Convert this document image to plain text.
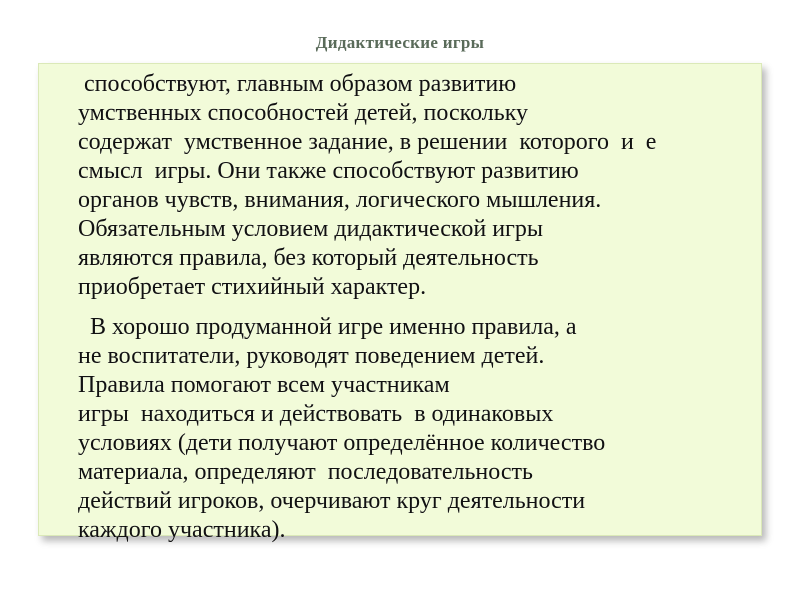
Дидактические игры
способствуют, главным образом развитию
умственных способностей детей, поскольку
содержат  умственное задание, в решении  которого  и  е
смысл  игры. Они также способствуют развитию
органов чувств, внимания, логического мышления.
Обязательным условием дидактической игры
являются правила, без который деятельность
приобретает стихийный характер.
В хорошо продуманной игре именно правила, а
не воспитатели, руководят поведением детей.
Правила помогают всем участникам
игры  находиться и действовать  в одинаковых
условиях (дети получают определённое количество
материала, определяют  последовательность
действий игроков, очерчивают круг деятельности
каждого участника).
